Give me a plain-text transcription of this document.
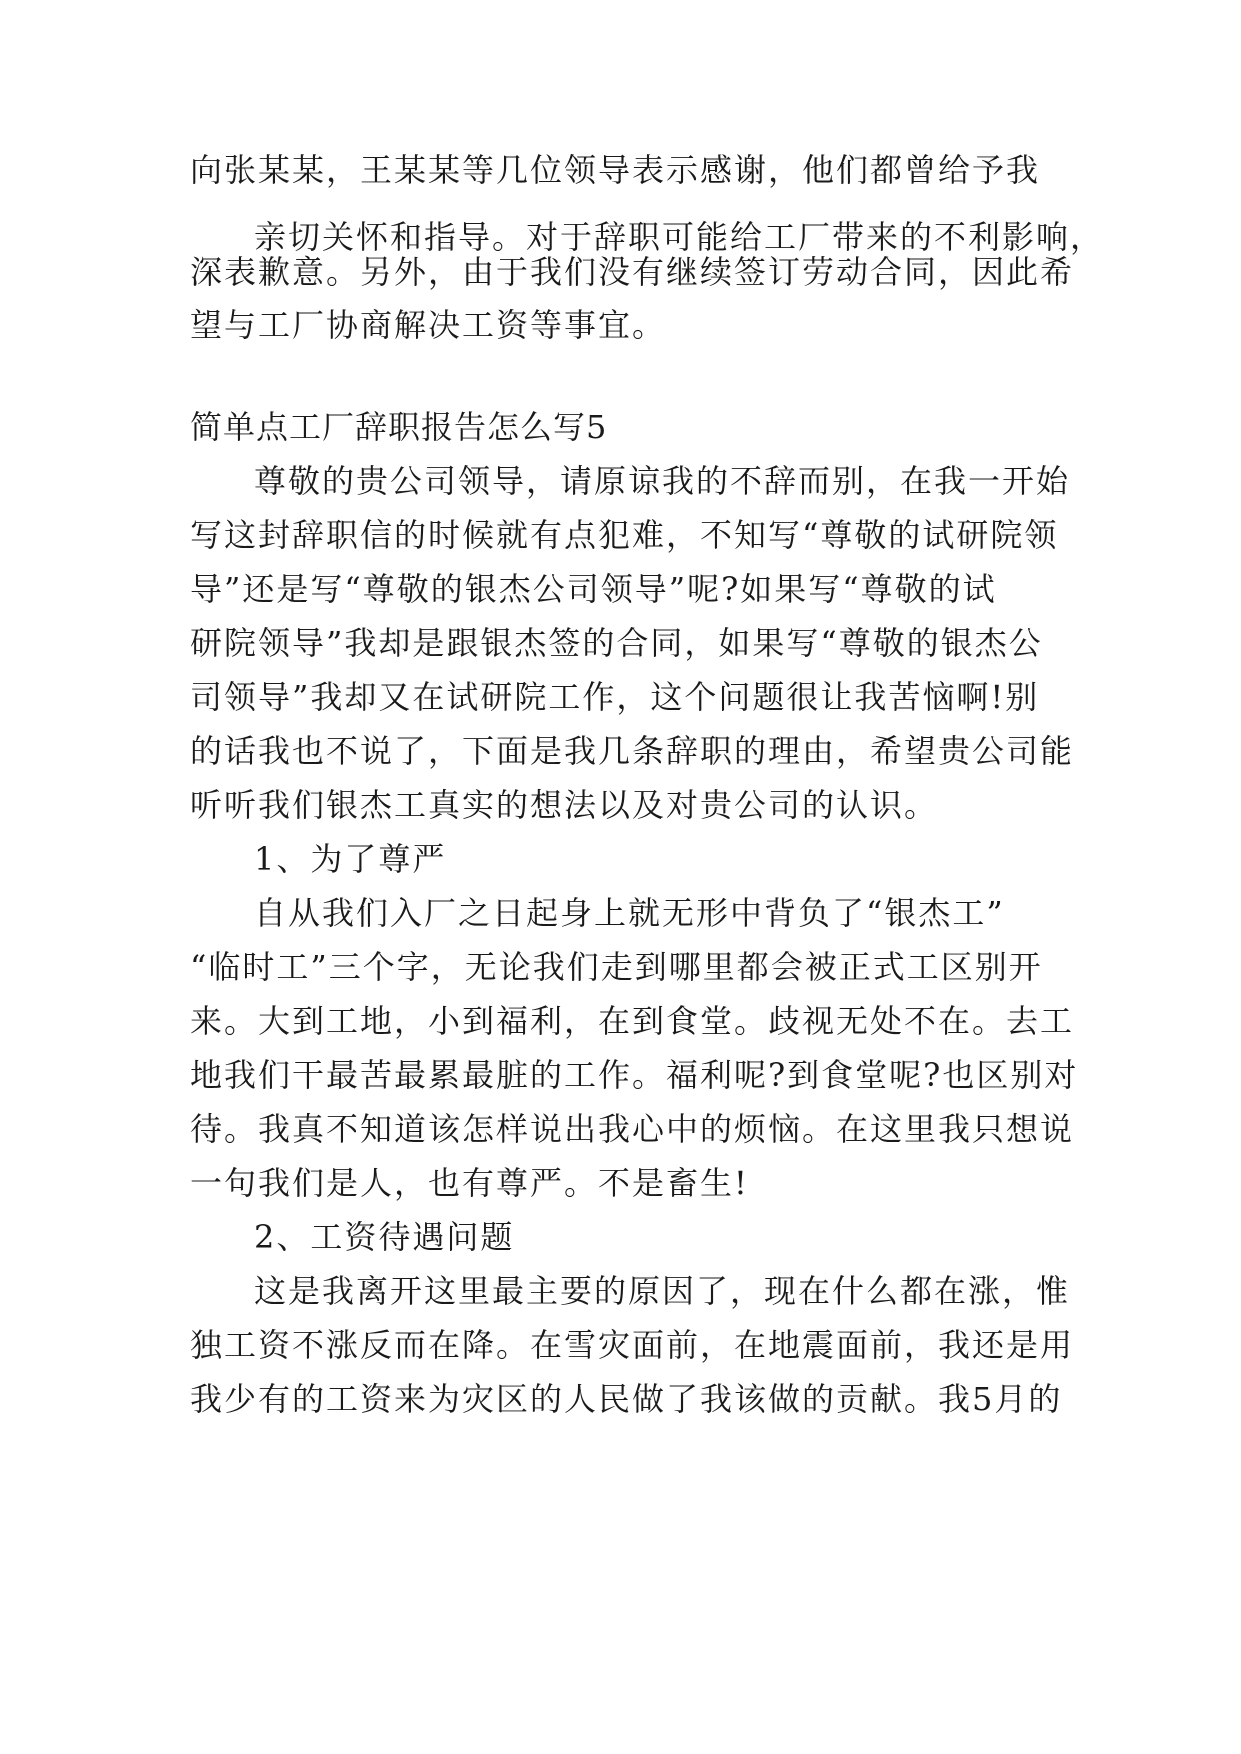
向张某某，王某某等几位领导表示感谢，他们都曾给予我
亲切关怀和指导。对于辞职可能给工厂带来的不利影响，
深表歉意。另外，由于我们没有继续签订劳动合同，因此希
望与工厂协商解决工资等事宜。
简单点工厂辞职报告怎么写5
尊敬的贵公司领导，请原谅我的不辞而别，在我一开始
写这封辞职信的时候就有点犯难，不知写“尊敬的试研院领
导”还是写“尊敬的银杰公司领导”呢?如果写“尊敬的试
研院领导”我却是跟银杰签的合同，如果写“尊敬的银杰公
司领导”我却又在试研院工作，这个问题很让我苦恼啊!别
的话我也不说了，下面是我几条辞职的理由，希望贵公司能
听听我们银杰工真实的想法以及对贵公司的认识。
1、为了尊严
自从我们入厂之日起身上就无形中背负了“银杰工”
“临时工”三个字，无论我们走到哪里都会被正式工区别开
来。大到工地，小到福利，在到食堂。歧视无处不在。去工
地我们干最苦最累最脏的工作。福利呢?到食堂呢?也区别对
待。我真不知道该怎样说出我心中的烦恼。在这里我只想说
一句我们是人，也有尊严。不是畜生!
2、工资待遇问题
这是我离开这里最主要的原因了，现在什么都在涨，惟
独工资不涨反而在降。在雪灾面前，在地震面前，我还是用
我少有的工资来为灾区的人民做了我该做的贡献。我5月的
